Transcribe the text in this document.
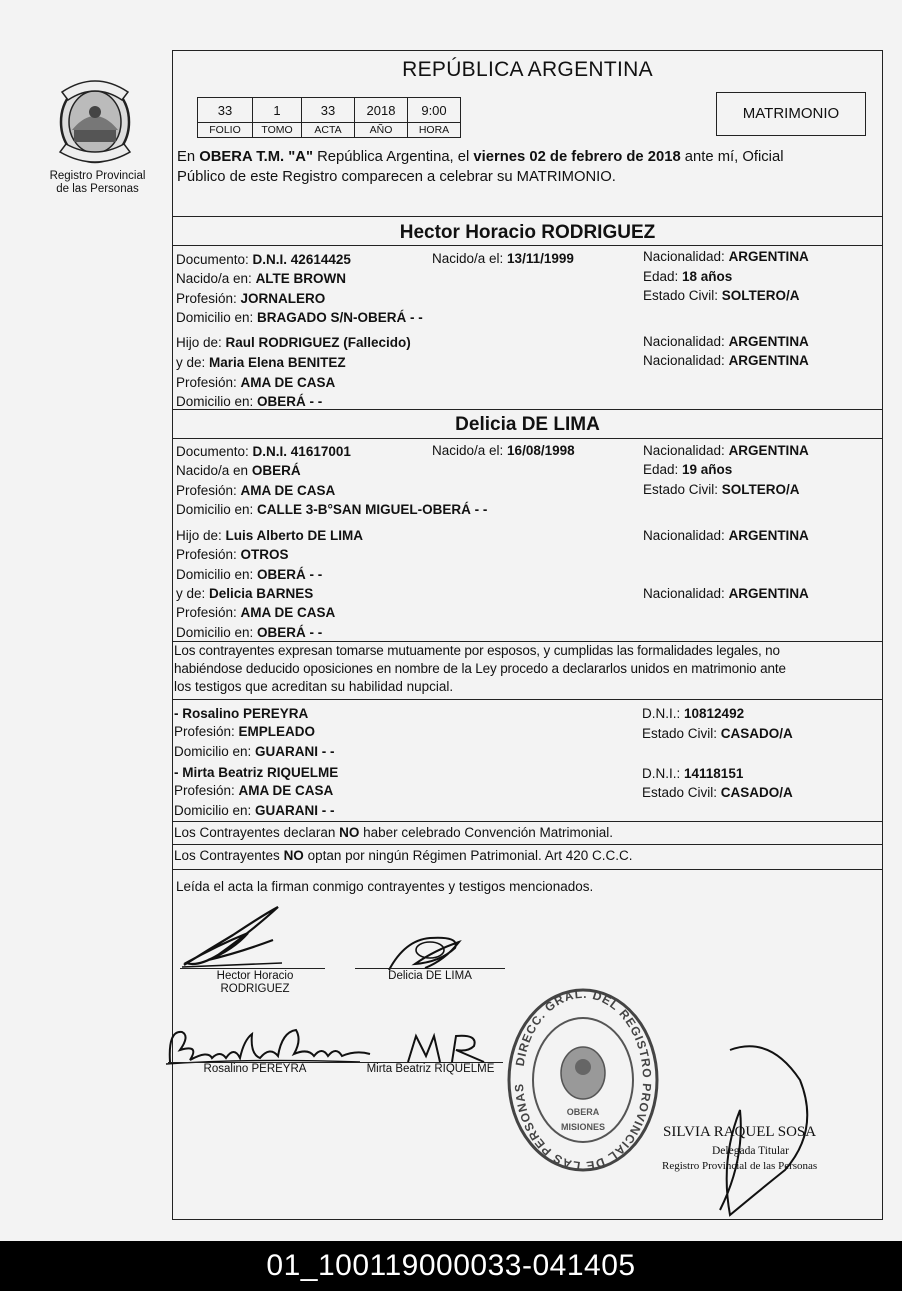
Registro Provincial
de las Personas
REPÚBLICA ARGENTINA
33	1	33	2018	9:00
FOLIO	TOMO	ACTA	AÑO	HORA
MATRIMONIO
En OBERA T.M. "A" República Argentina, el viernes 02 de febrero de 2018 ante mí, Oficial
Público de este Registro comparecen a celebrar su MATRIMONIO.
Hector Horacio RODRIGUEZ
Documento: D.N.I. 42614425	Nacido/a el: 13/11/1999	Nacionalidad: ARGENTINA
Nacido/a en: ALTE BROWN	Edad: 18 años
Profesión: JORNALERO	Estado Civil: SOLTERO/A
Domicilio en: BRAGADO S/N-OBERÁ - -
Hijo de: Raul RODRIGUEZ (Fallecido)	Nacionalidad: ARGENTINA
y de: Maria Elena BENITEZ	Nacionalidad: ARGENTINA
Profesión: AMA DE CASA
Domicilio en: OBERÁ - -
Delicia DE LIMA
Documento: D.N.I. 41617001	Nacido/a el: 16/08/1998	Nacionalidad: ARGENTINA
Nacido/a en OBERÁ	Edad: 19 años
Profesión: AMA DE CASA	Estado Civil: SOLTERO/A
Domicilio en: CALLE 3-B°SAN MIGUEL-OBERÁ - -
Hijo de: Luis Alberto DE LIMA	Nacionalidad: ARGENTINA
Profesión: OTROS
Domicilio en: OBERÁ - -
y de: Delicia BARNES	Nacionalidad: ARGENTINA
Profesión: AMA DE CASA
Domicilio en: OBERÁ - -
Los contrayentes expresan tomarse mutuamente por esposos, y cumplidas las formalidades legales, no
habiéndose deducido oposiciones en nombre de la Ley procedo a declararlos unidos en matrimonio ante
los testigos que acreditan su habilidad nupcial.
- Rosalino PEREYRA	D.N.I.: 10812492
Profesión: EMPLEADO	Estado Civil: CASADO/A
Domicilio en: GUARANI - -
- Mirta Beatriz RIQUELME	D.N.I.: 14118151
Profesión: AMA DE CASA	Estado Civil: CASADO/A
Domicilio en: GUARANI - -
Los Contrayentes declaran NO haber celebrado Convención Matrimonial.
Los Contrayentes NO optan por ningún Régimen Patrimonial. Art 420 C.C.C.
Leída el acta la firman conmigo contrayentes y testigos mencionados.
Hector Horacio
RODRIGUEZ
Delicia DE LIMA
Rosalino PEREYRA	Mirta Beatriz RIQUELME
DIRECC. GRAL. DEL REGISTRO PROVINCIAL DE LAS PERSONAS
OBERA
MISIONES	SILVIA RAQUEL SOSA
Delegada Titular
Registro Provincial de las Personas
01_100119000033-041405
